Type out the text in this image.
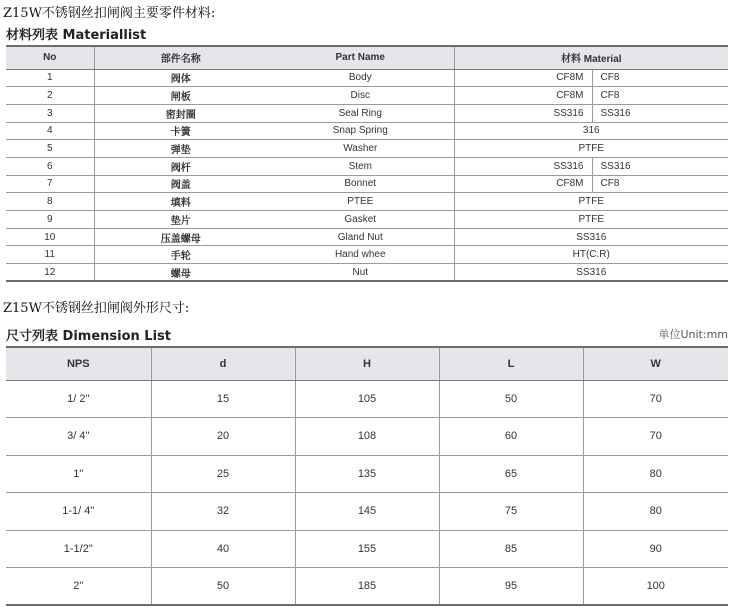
Z15W不锈钢丝扣闸阀主要零件材料:
材料列表 Materiallist
No	部件名称	Part Name	材料 Material	
1	阀体	Body	CF8M	CF8
2	闸板	Disc	CF8M	CF8
3	密封圈	Seal Ring	SS316	SS316
4	卡簧	Snap Spring	316	
5	弹垫	Washer	PTFE	
6	阀杆	Stem	SS316	SS316
7	阀盖	Bonnet	CF8M	CF8
8	填料	PTEE	PTFE	
9	垫片	Gasket	PTFE	
10	压盖螺母	Gland Nut	SS316	
11	手轮	Hand whee	HT(C.R)	
12	螺母	Nut	SS316	
Z15W不锈钢丝扣闸阀外形尺寸:
尺寸列表 Dimension List	单位Unit:mm
NPS	d	H	L	W
1/ 2"	15	105	50	70
3/ 4"	20	108	60	70
1"	25	135	65	80
1-1/ 4"	32	145	75	80
1-1/2"	40	155	85	90
2"	50	185	95	100
